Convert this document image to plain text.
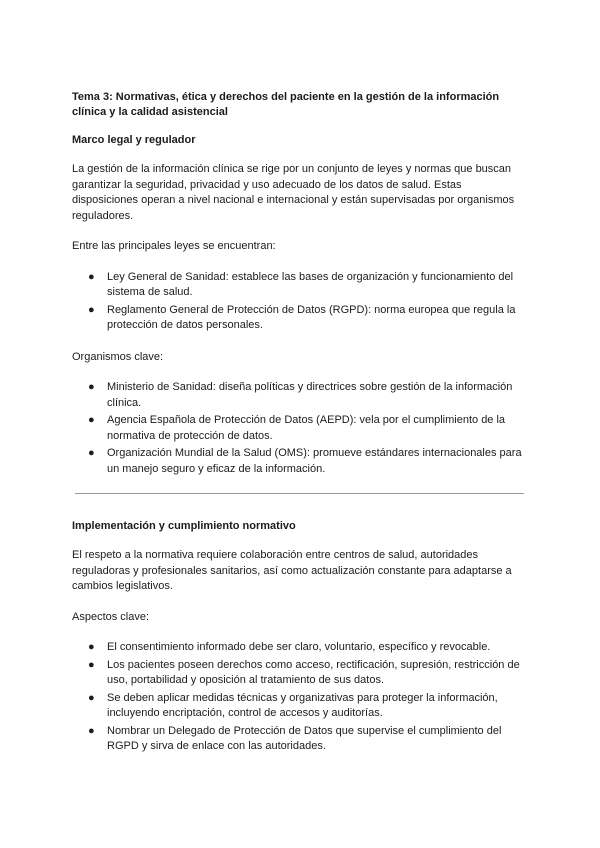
Tema 3: Normativas, ética y derechos del paciente en la gestión de la información clínica y la calidad asistencial
Marco legal y regulador
La gestión de la información clínica se rige por un conjunto de leyes y normas que buscan garantizar la seguridad, privacidad y uso adecuado de los datos de salud. Estas disposiciones operan a nivel nacional e internacional y están supervisadas por organismos reguladores.
Entre las principales leyes se encuentran:
● Ley General de Sanidad: establece las bases de organización y funcionamiento del sistema de salud.
● Reglamento General de Protección de Datos (RGPD): norma europea que regula la protección de datos personales.
Organismos clave:
● Ministerio de Sanidad: diseña políticas y directrices sobre gestión de la información clínica.
● Agencia Española de Protección de Datos (AEPD): vela por el cumplimiento de la normativa de protección de datos.
● Organización Mundial de la Salud (OMS): promueve estándares internacionales para un manejo seguro y eficaz de la información.
Implementación y cumplimiento normativo
El respeto a la normativa requiere colaboración entre centros de salud, autoridades reguladoras y profesionales sanitarios, así como actualización constante para adaptarse a cambios legislativos.
Aspectos clave:
● El consentimiento informado debe ser claro, voluntario, específico y revocable.
● Los pacientes poseen derechos como acceso, rectificación, supresión, restricción de uso, portabilidad y oposición al tratamiento de sus datos.
● Se deben aplicar medidas técnicas y organizativas para proteger la información, incluyendo encriptación, control de accesos y auditorías.
● Nombrar un Delegado de Protección de Datos que supervise el cumplimiento del RGPD y sirva de enlace con las autoridades.
